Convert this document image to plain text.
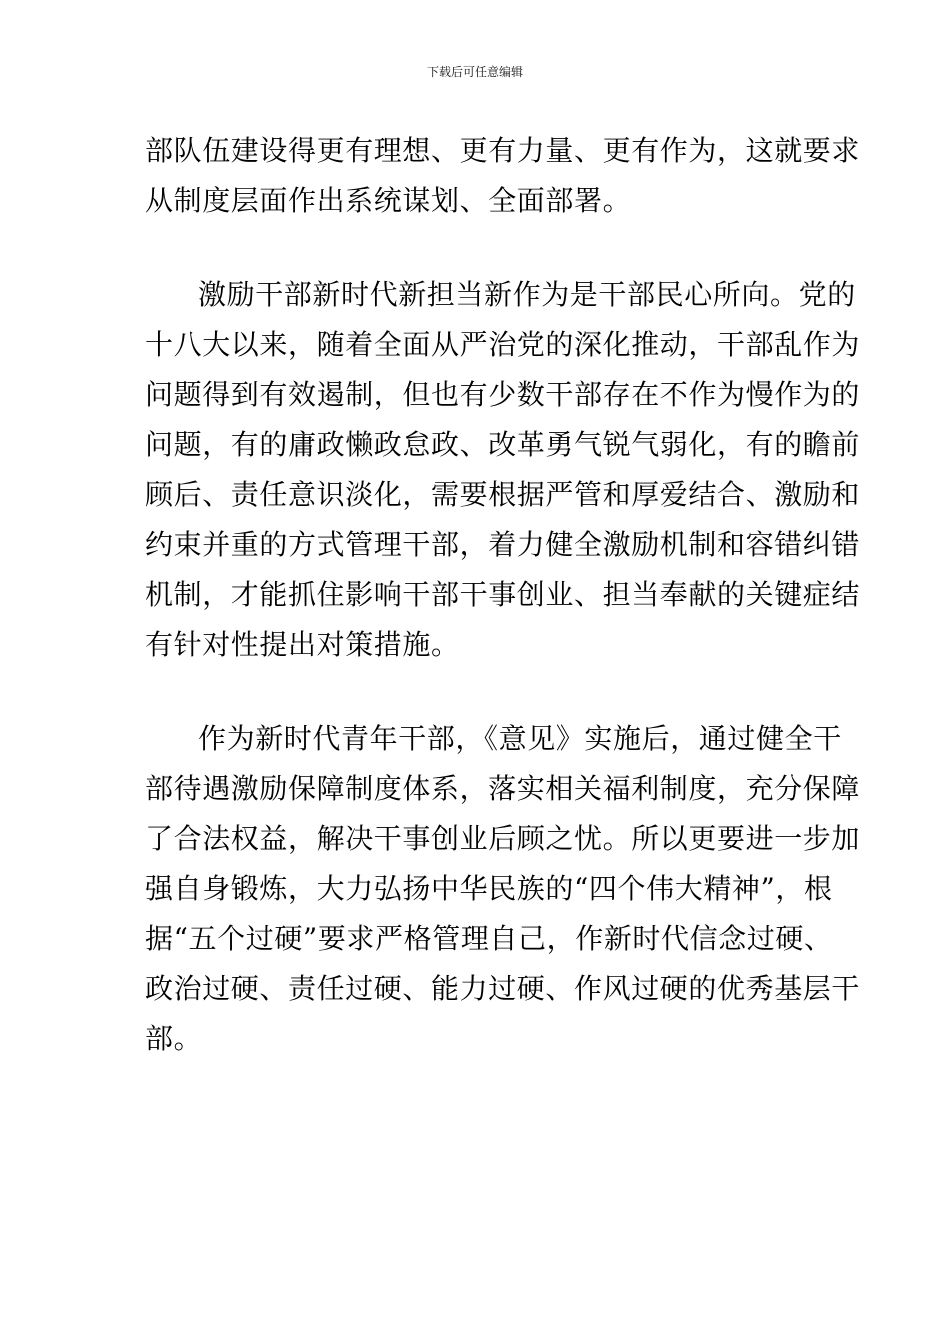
下载后可任意编辑
部队伍建设得更有理想、更有力量、更有作为，这就要求
从制度层面作出系统谋划、全面部署。
激励干部新时代新担当新作为是干部民心所向。党的
十八大以来，随着全面从严治党的深化推动，干部乱作为
问题得到有效遏制，但也有少数干部存在不作为慢作为的
问题，有的庸政懒政怠政、改革勇气锐气弱化，有的瞻前
顾后、责任意识淡化，需要根据严管和厚爱结合、激励和
约束并重的方式管理干部，着力健全激励机制和容错纠错
机制，才能抓住影响干部干事创业、担当奉献的关键症结
有针对性提出对策措施。
作为新时代青年干部，《意见》实施后，通过健全干
部待遇激励保障制度体系，落实相关福利制度，充分保障
了合法权益，解决干事创业后顾之忧。所以更要进一步加
强自身锻炼，大力弘扬中华民族的“四个伟大精神”，根
据“五个过硬”要求严格管理自己，作新时代信念过硬、
政治过硬、责任过硬、能力过硬、作风过硬的优秀基层干
部。
